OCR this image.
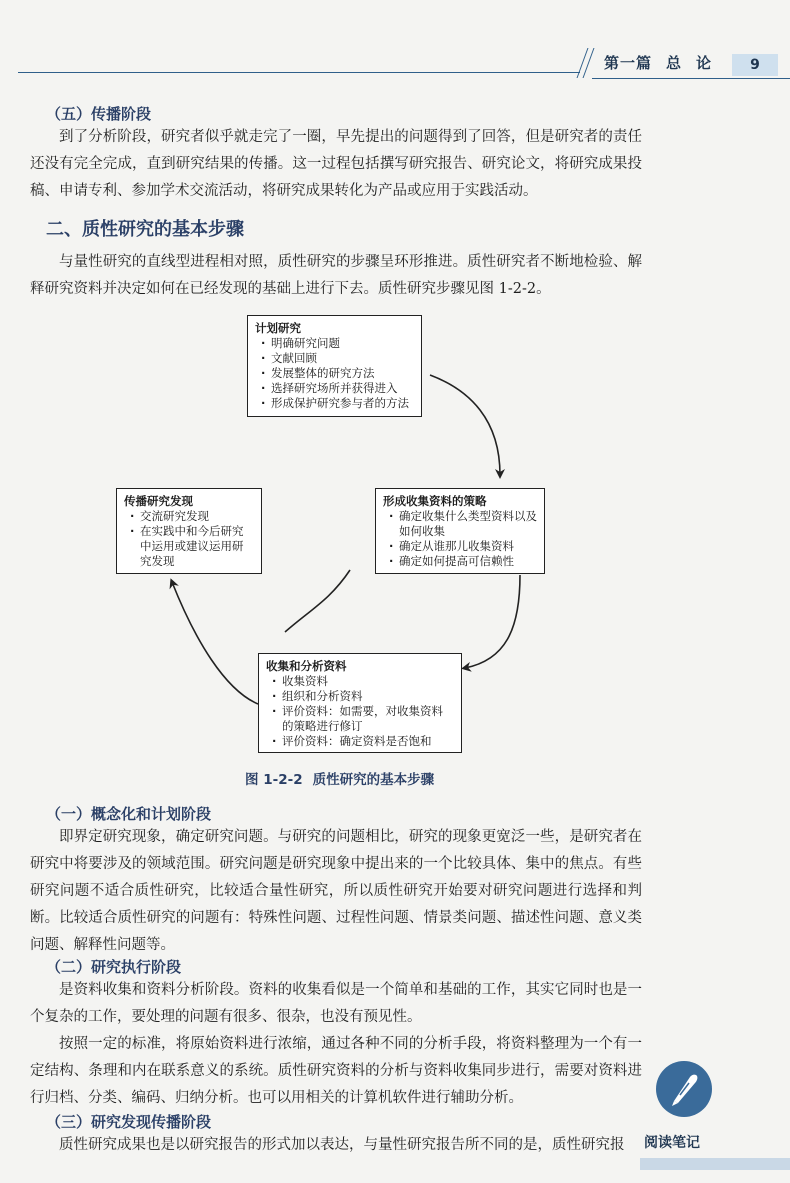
第一篇 总 论	9
（五）传播阶段
到了分析阶段，研究者似乎就走完了一圈，早先提出的问题得到了回答，但是研究者的责任还没有完全完成，直到研究结果的传播。这一过程包括撰写研究报告、研究论文，将研究成果投稿、申请专利、参加学术交流活动，将研究成果转化为产品或应用于实践活动。
二、质性研究的基本步骤
与量性研究的直线型进程相对照，质性研究的步骤呈环形推进。质性研究者不断地检验、解释研究资料并决定如何在已经发现的基础上进行下去。质性研究步骤见图 1-2-2。
计划研究
· 明确研究问题
· 文献回顾
· 发展整体的研究方法
· 选择研究场所并获得进入
· 形成保护研究参与者的方法
形成收集资料的策略
· 确定收集什么类型资料以及如何收集
· 确定从谁那儿收集资料
· 确定如何提高可信赖性
传播研究发现
· 交流研究发现
· 在实践中和今后研究中运用或建议运用研究发现
收集和分析资料
· 收集资料
· 组织和分析资料
· 评价资料：如需要，对收集资料的策略进行修订
· 评价资料：确定资料是否饱和
图 1-2-2 质性研究的基本步骤
（一）概念化和计划阶段
即界定研究现象，确定研究问题。与研究的问题相比，研究的现象更宽泛一些，是研究者在研究中将要涉及的领域范围。研究问题是研究现象中提出来的一个比较具体、集中的焦点。有些研究问题不适合质性研究，比较适合量性研究，所以质性研究开始要对研究问题进行选择和判断。比较适合质性研究的问题有：特殊性问题、过程性问题、情景类问题、描述性问题、意义类问题、解释性问题等。
（二）研究执行阶段
是资料收集和资料分析阶段。资料的收集看似是一个简单和基础的工作，其实它同时也是一个复杂的工作，要处理的问题有很多、很杂，也没有预见性。
按照一定的标准，将原始资料进行浓缩，通过各种不同的分析手段，将资料整理为一个有一定结构、条理和内在联系意义的系统。质性研究资料的分析与资料收集同步进行，需要对资料进行归档、分类、编码、归纳分析。也可以用相关的计算机软件进行辅助分析。
（三）研究发现传播阶段
质性研究成果也是以研究报告的形式加以表达，与量性研究报告所不同的是，质性研究报	阅读笔记
